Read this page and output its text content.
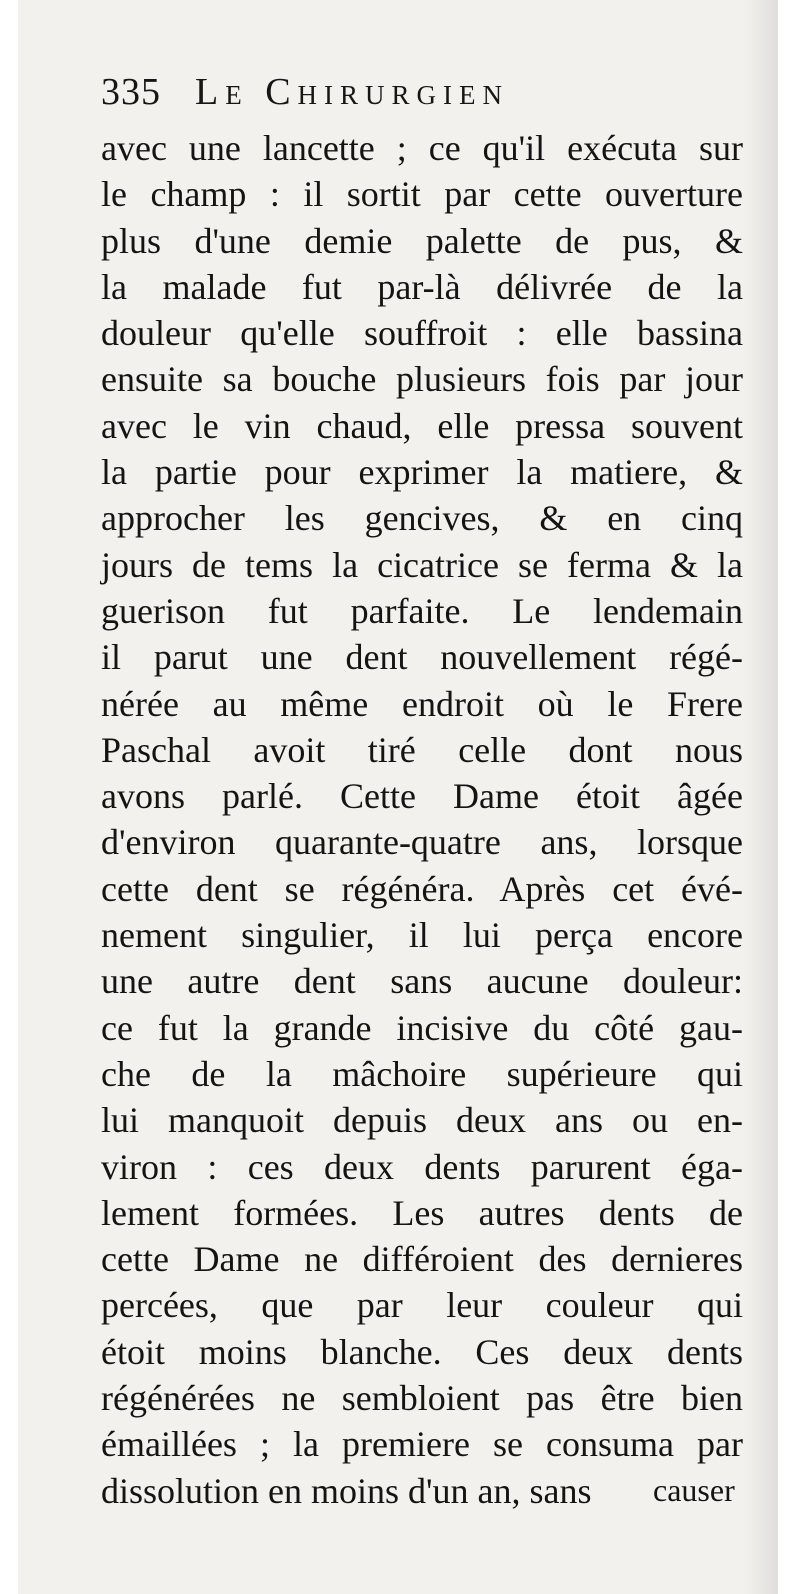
335 Le Chirurgien
avec une lancette ; ce qu'il exécuta sur
le champ : il sortit par cette ouverture
plus d'une demie palette de pus, &
la malade fut par-là délivrée de la
douleur qu'elle souffroit : elle bassina
ensuite sa bouche plusieurs fois par jour
avec le vin chaud, elle pressa souvent
la partie pour exprimer la matiere, &
approcher les gencives, & en cinq
jours de tems la cicatrice se ferma & la
guerison fut parfaite. Le lendemain
il parut une dent nouvellement régé-
nérée au même endroit où le Frere
Paschal avoit tiré celle dont nous
avons parlé. Cette Dame étoit âgée
d'environ quarante-quatre ans, lorsque
cette dent se régénéra. Après cet évé-
nement singulier, il lui perça encore
une autre dent sans aucune douleur:
ce fut la grande incisive du côté gau-
che de la mâchoire supérieure qui
lui manquoit depuis deux ans ou en-
viron : ces deux dents parurent éga-
lement formées. Les autres dents de
cette Dame ne différoient des dernieres
percées, que par leur couleur qui
étoit moins blanche. Ces deux dents
régénérées ne sembloient pas être bien
émaillées ; la premiere se consuma par
dissolution en moins d'un an, sans	causer
